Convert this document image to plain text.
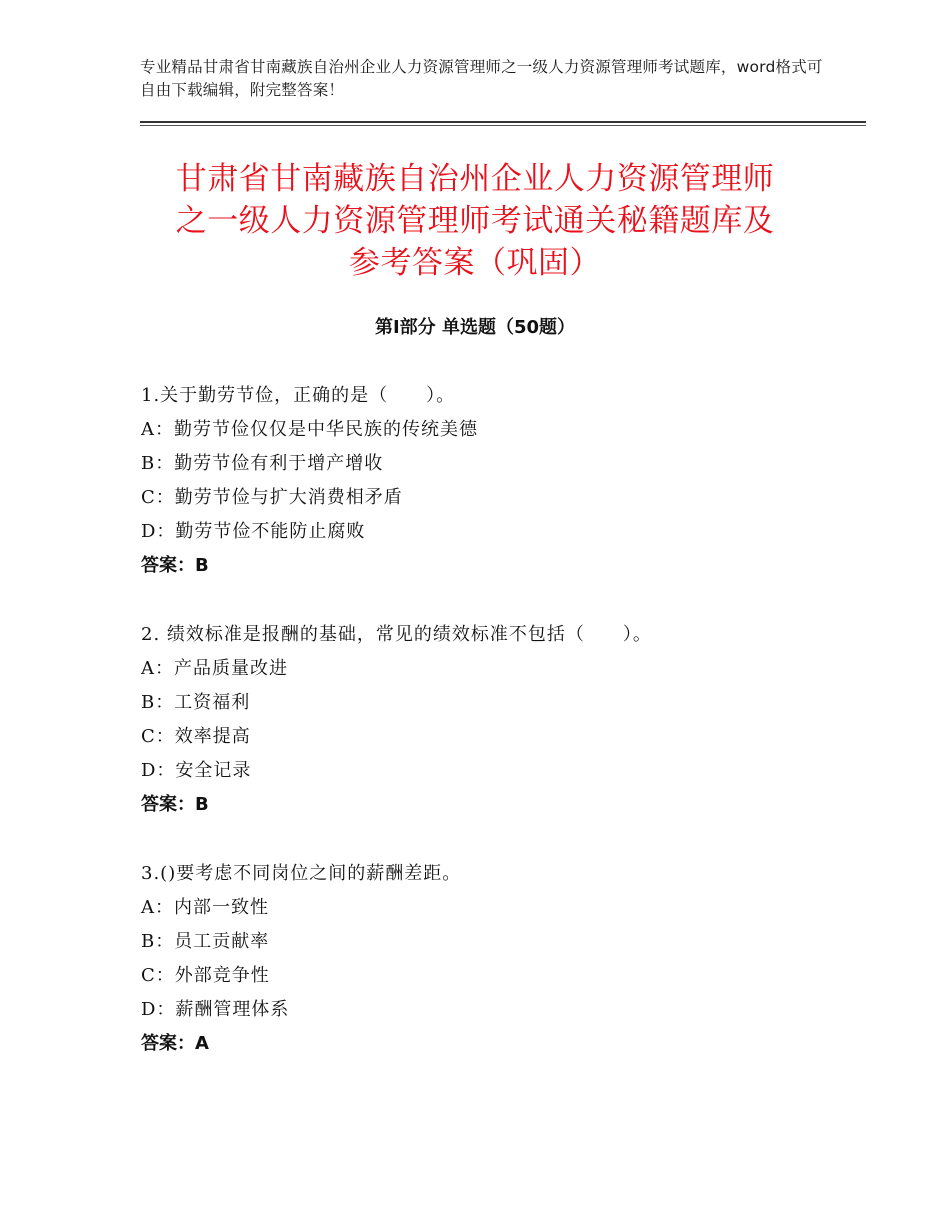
专业精品甘肃省甘南藏族自治州企业人力资源管理师之一级人力资源管理师考试题库，word格式可自由下载编辑，附完整答案！
甘肃省甘南藏族自治州企业人力资源管理师
之一级人力资源管理师考试通关秘籍题库及
参考答案（巩固）
第Ⅰ部分 单选题（50题）
1.关于勤劳节俭，正确的是（　　）。
A：勤劳节俭仅仅是中华民族的传统美德
B：勤劳节俭有利于增产增收
C：勤劳节俭与扩大消费相矛盾
D：勤劳节俭不能防止腐败
答案：B
2. 绩效标准是报酬的基础，常见的绩效标准不包括（　　）。
A：产品质量改进
B：工资福利
C：效率提高
D：安全记录
答案：B
3.()要考虑不同岗位之间的薪酬差距。
A：内部一致性
B：员工贡献率
C：外部竞争性
D：薪酬管理体系
答案：A
